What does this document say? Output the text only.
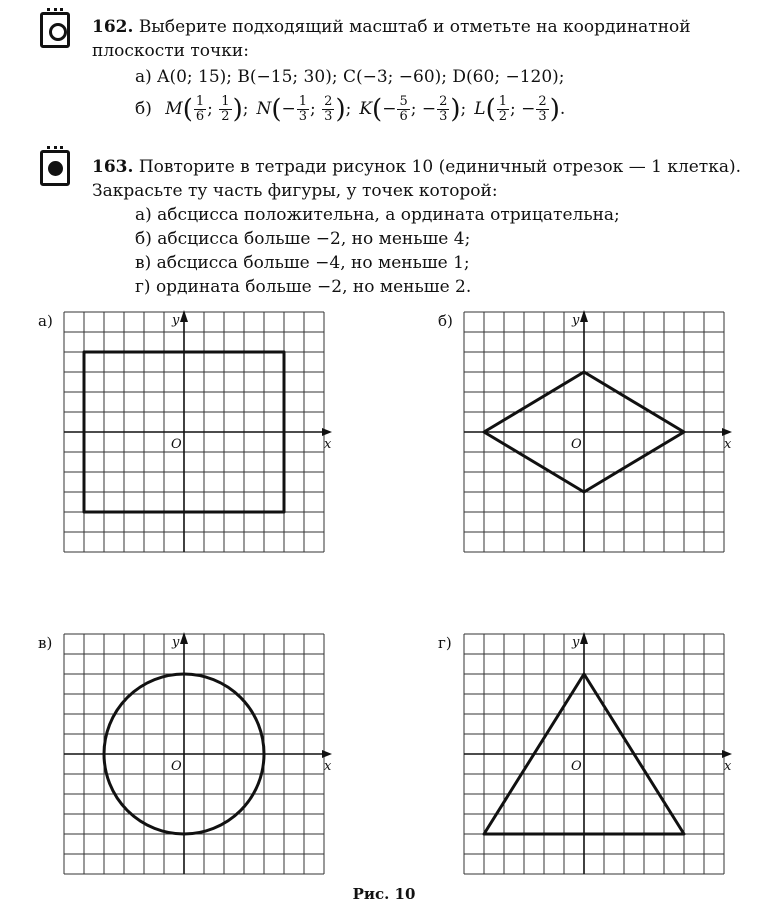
162. Выберите подходящий масштаб и отметьте на координатной
плоскости точки:
а) A(0; 15); B(−15; 30); C(−3; −60); D(60; −120);
б) $M( \frac{1}{6}$ ; $\frac{1}{2}$ ); $N(- \frac{1}{3}$ ; $\frac{2}{3}$ ); $K(- \frac{5}{6}$ ; − $\frac{2}{3}$ ); $L( \frac{1}{2}$ ; − $\frac{2}{3}$ ).
163. Повторите в тетради рисунок 10 (единичный отрезок — 1 клетка).
Закрасьте ту часть фигуры, у точек которой:
а) абсцисса положительна, а ордината отрицательна;
б) абсцисса больше −2, но меньше 4;
в) абсцисса больше −4, но меньше 1;
г) ордината больше −2, но меньше 2.
а)	б)
в)	г)
O	x
y
O	x
y
O	x
y
O	x
y
Рис. 10
